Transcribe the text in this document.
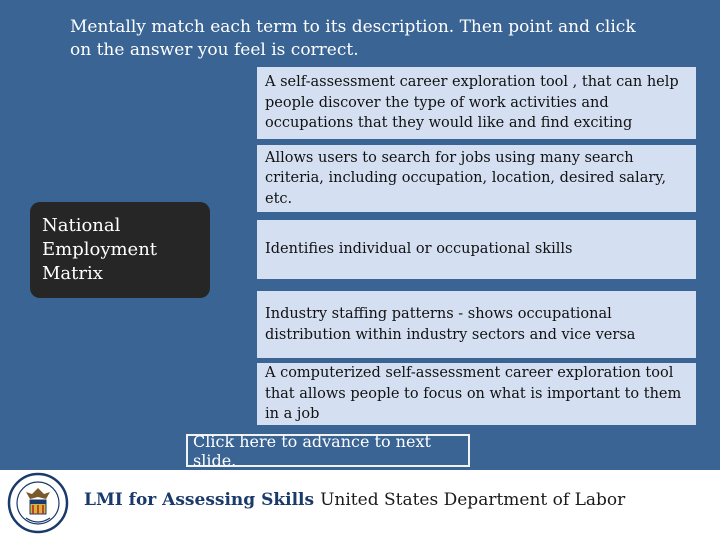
Mentally match each term to its description. Then point and click on the answer you feel is correct.
National Employment Matrix
A self-assessment career exploration tool , that can help people discover the type of work activities and occupations that they would like and find exciting
Allows users to search for jobs using many search criteria, including occupation, location, desired salary, etc.
Identifies individual or occupational skills
Industry staffing patterns - shows occupational distribution within industry sectors and vice versa
A computerized self-assessment career exploration tool that allows people to focus on what is important to them in a job
Click here to advance to next slide.
LMI for Assessing Skills United States Department of Labor
